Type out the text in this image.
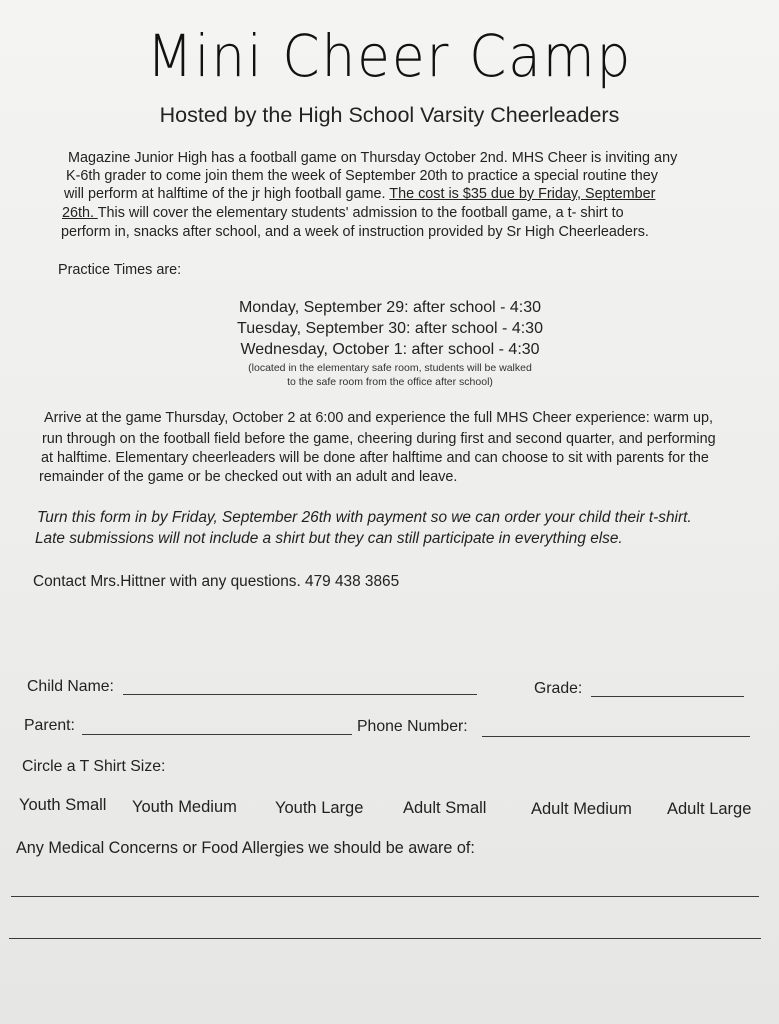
Mini Cheer Camp
Hosted by the High School Varsity Cheerleaders
Magazine Junior High has a football game on Thursday October 2nd. MHS Cheer is inviting any
K-6th grader to come join them the week of September 20th to practice a special routine they
will perform at halftime of the jr high football game. The cost is $35 due by Friday, September
26th. This will cover the elementary students' admission to the football game, a t- shirt to
perform in, snacks after school, and a week of instruction provided by Sr High Cheerleaders.
Practice Times are:
Monday, September 29: after school - 4:30
Tuesday, September 30: after school - 4:30
Wednesday, October 1: after school - 4:30
(located in the elementary safe room, students will be walked
to the safe room from the office after school)
Arrive at the game Thursday, October 2 at 6:00 and experience the full MHS Cheer experience: warm up,
run through on the football field before the game, cheering during first and second quarter, and performing
at halftime. Elementary cheerleaders will be done after halftime and can choose to sit with parents for the
remainder of the game or be checked out with an adult and leave.
Turn this form in by Friday, September 26th with payment so we can order your child their t-shirt.
Late submissions will not include a shirt but they can still participate in everything else.
Contact Mrs.Hittner with any questions. 479 438 3865
Child Name:	Grade:
Parent:	Phone Number:
Circle a T Shirt Size:
Youth Small Youth Medium Youth Large Adult Small	Adult Medium Adult Large
Any Medical Concerns or Food Allergies we should be aware of:
